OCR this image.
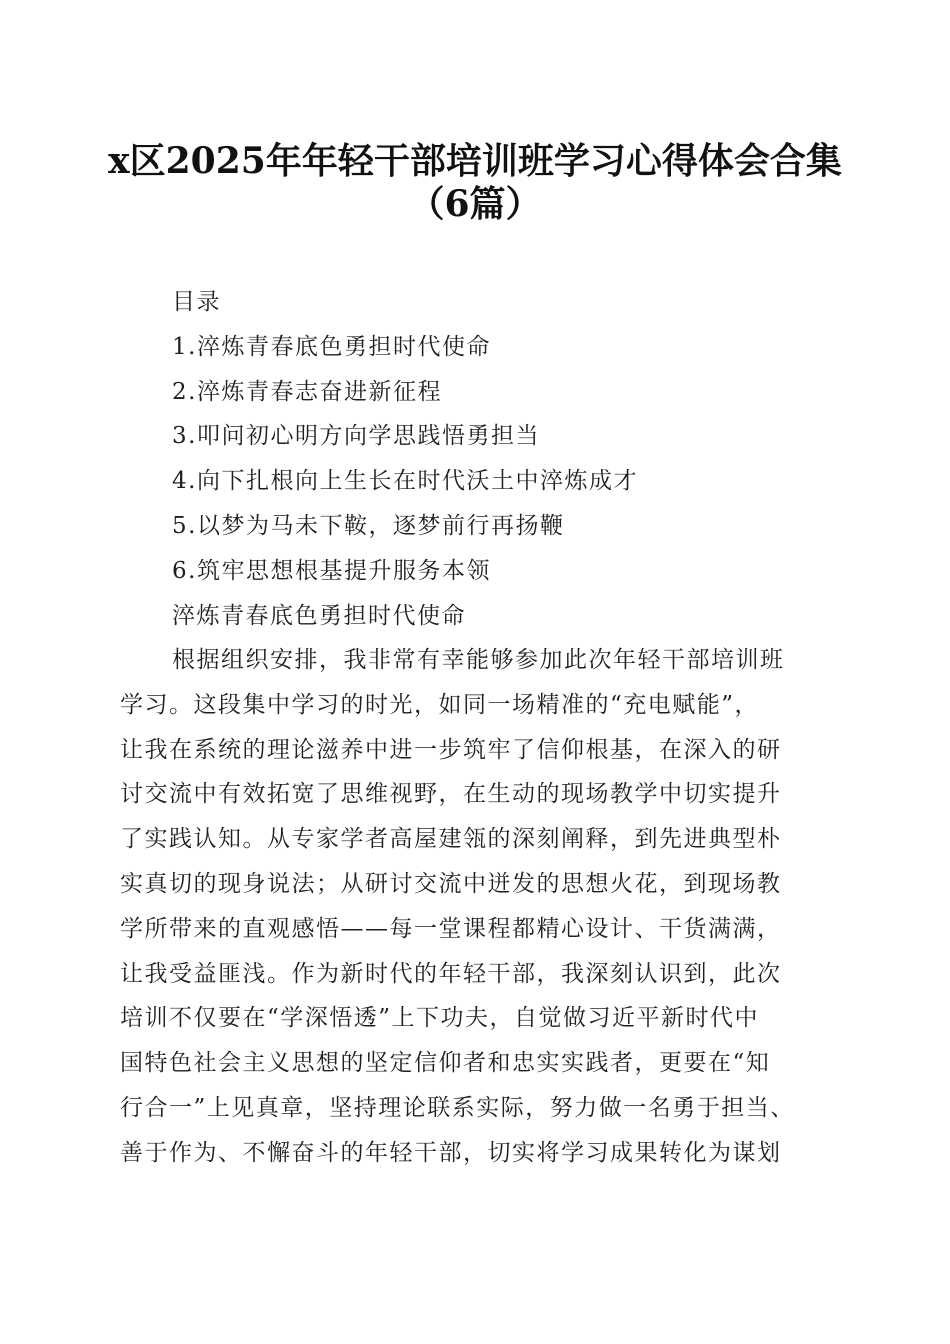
x区2025年年轻干部培训班学习心得体会合集
（6篇）
目录
1.淬炼青春底色勇担时代使命
2.淬炼青春志奋进新征程
3.叩问初心明方向学思践悟勇担当
4.向下扎根向上生长在时代沃土中淬炼成才
5.以梦为马未下鞍，逐梦前行再扬鞭
6.筑牢思想根基提升服务本领
淬炼青春底色勇担时代使命
根据组织安排，我非常有幸能够参加此次年轻干部培训班
学习。这段集中学习的时光，如同一场精准的“充电赋能”，
让我在系统的理论滋养中进一步筑牢了信仰根基，在深入的研
讨交流中有效拓宽了思维视野，在生动的现场教学中切实提升
了实践认知。从专家学者高屋建瓴的深刻阐释，到先进典型朴
实真切的现身说法；从研讨交流中迸发的思想火花，到现场教
学所带来的直观感悟——每一堂课程都精心设计、干货满满，
让我受益匪浅。作为新时代的年轻干部，我深刻认识到，此次
培训不仅要在“学深悟透”上下功夫，自觉做习近平新时代中
国特色社会主义思想的坚定信仰者和忠实实践者，更要在“知
行合一”上见真章，坚持理论联系实际，努力做一名勇于担当、
善于作为、不懈奋斗的年轻干部，切实将学习成果转化为谋划
